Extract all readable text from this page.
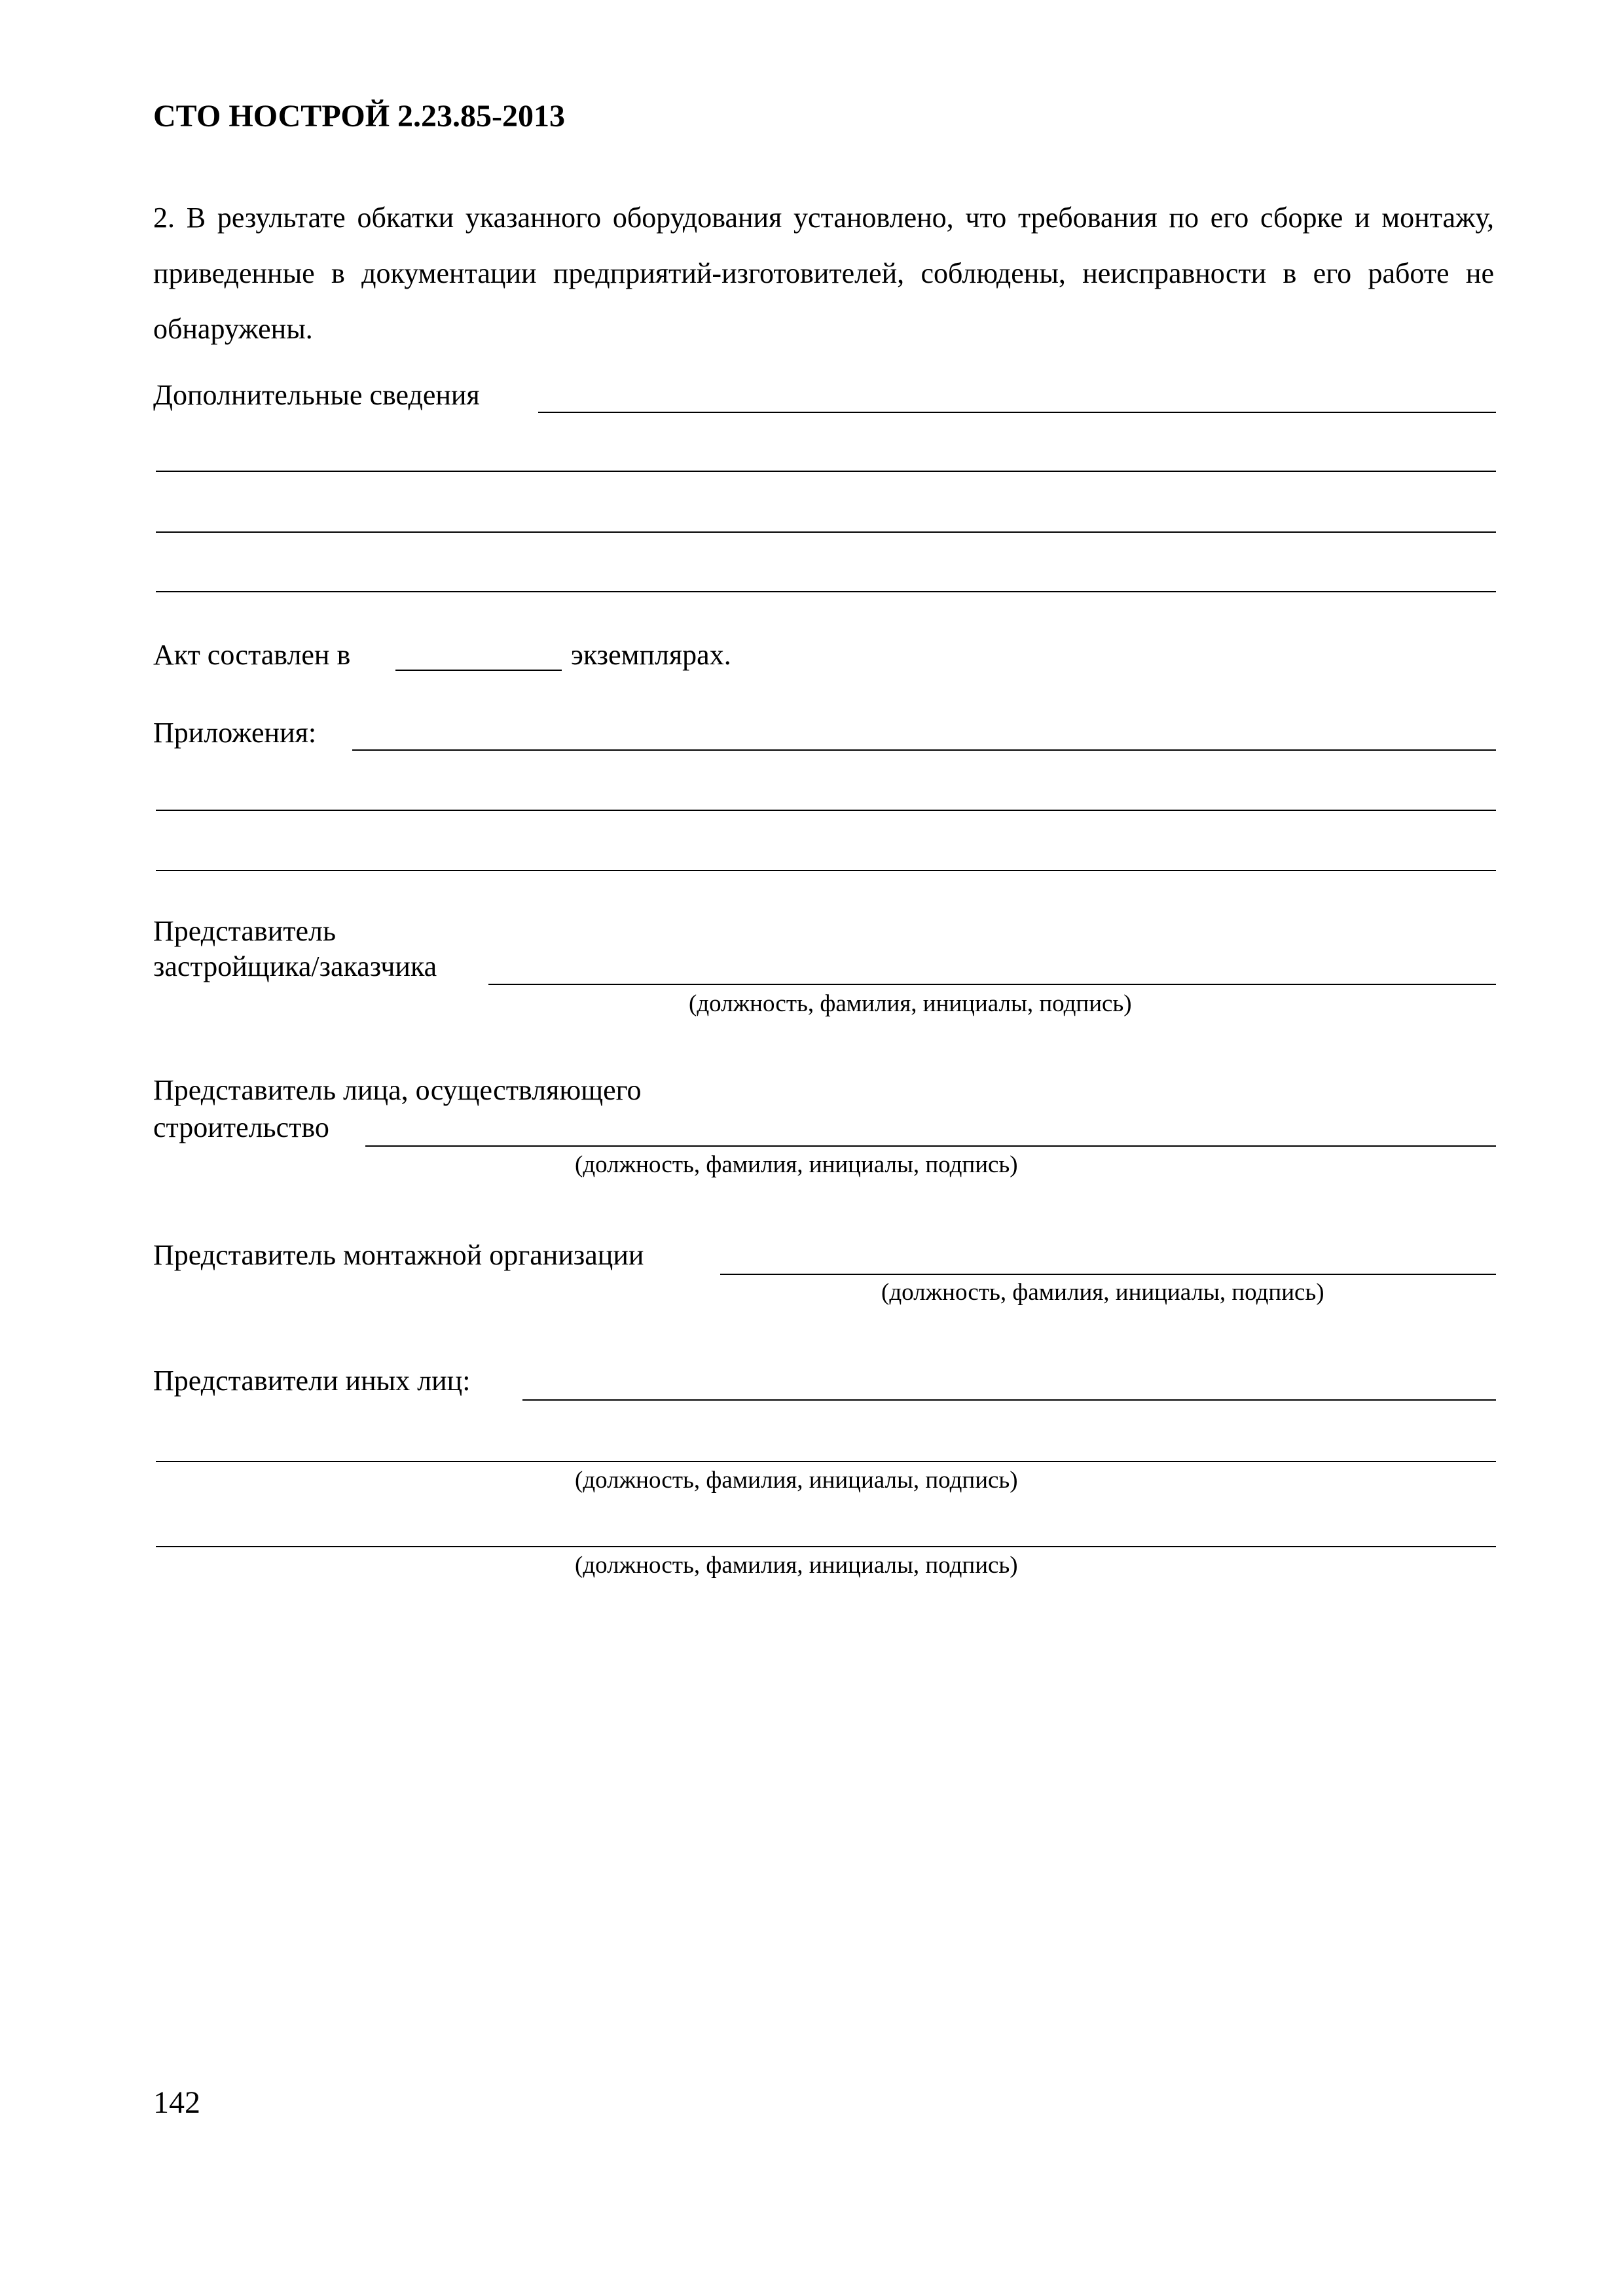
СТО НОСТРОЙ 2.23.85-2013
2. В результате обкатки указанного оборудования установлено, что требования по его сборке и монтажу, приведенные в документации предприятий-изготовителей, соблюдены, неисправности в его работе не обнаружены.
Дополнительные сведения
Акт составлен в	экземплярах.
Приложения:
Представитель
застройщика/заказчика
(должность, фамилия, инициалы, подпись)
Представитель лица, осуществляющего
строительство
(должность, фамилия, инициалы, подпись)
Представитель монтажной организации
(должность, фамилия, инициалы, подпись)
Представители иных лиц:
(должность, фамилия, инициалы, подпись)
(должность, фамилия, инициалы, подпись)
142
